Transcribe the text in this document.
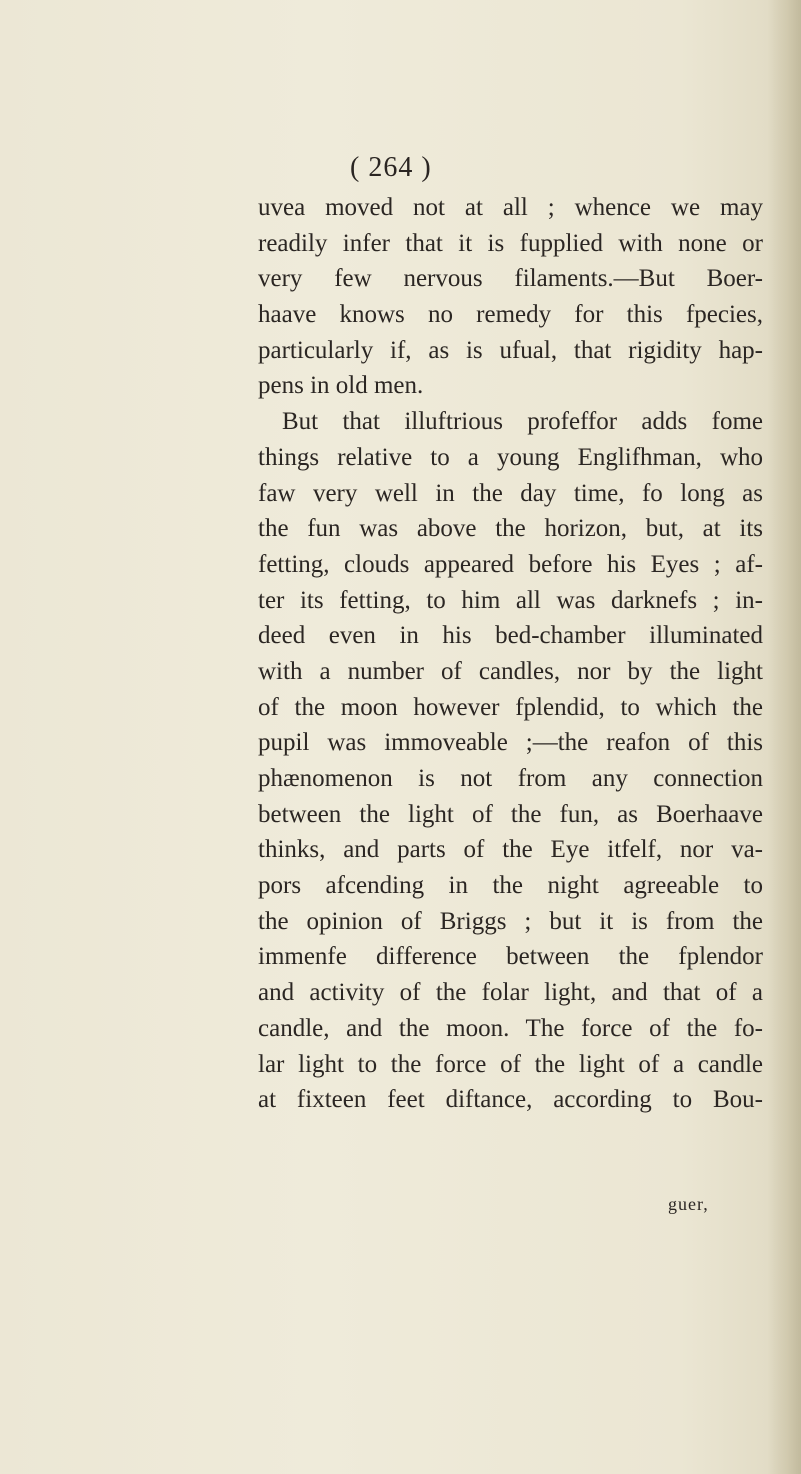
( 264 )
uvea moved not at all ; whence we may
readily infer that it is fupplied with none or
very few nervous filaments.—But Boer-
haave knows no remedy for this fpecies,
particularly if, as is ufual, that rigidity hap-
pens in old men.
But that illuftrious profeffor adds fome
things relative to a young Englifhman, who
faw very well in the day time, fo long as
the fun was above the horizon, but, at its
fetting, clouds appeared before his Eyes ; af-
ter its fetting, to him all was darknefs ; in-
deed even in his bed-chamber illuminated
with a number of candles, nor by the light
of the moon however fplendid, to which the
pupil was immoveable ;—the reafon of this
phænomenon is not from any connection
between the light of the fun, as Boerhaave
thinks, and parts of the Eye itfelf, nor va-
pors afcending in the night agreeable to
the opinion of Briggs ; but it is from the
immenfe difference between the fplendor
and activity of the folar light, and that of a
candle, and the moon. The force of the fo-
lar light to the force of the light of a candle
at fixteen feet diftance, according to Bou-
guer,
